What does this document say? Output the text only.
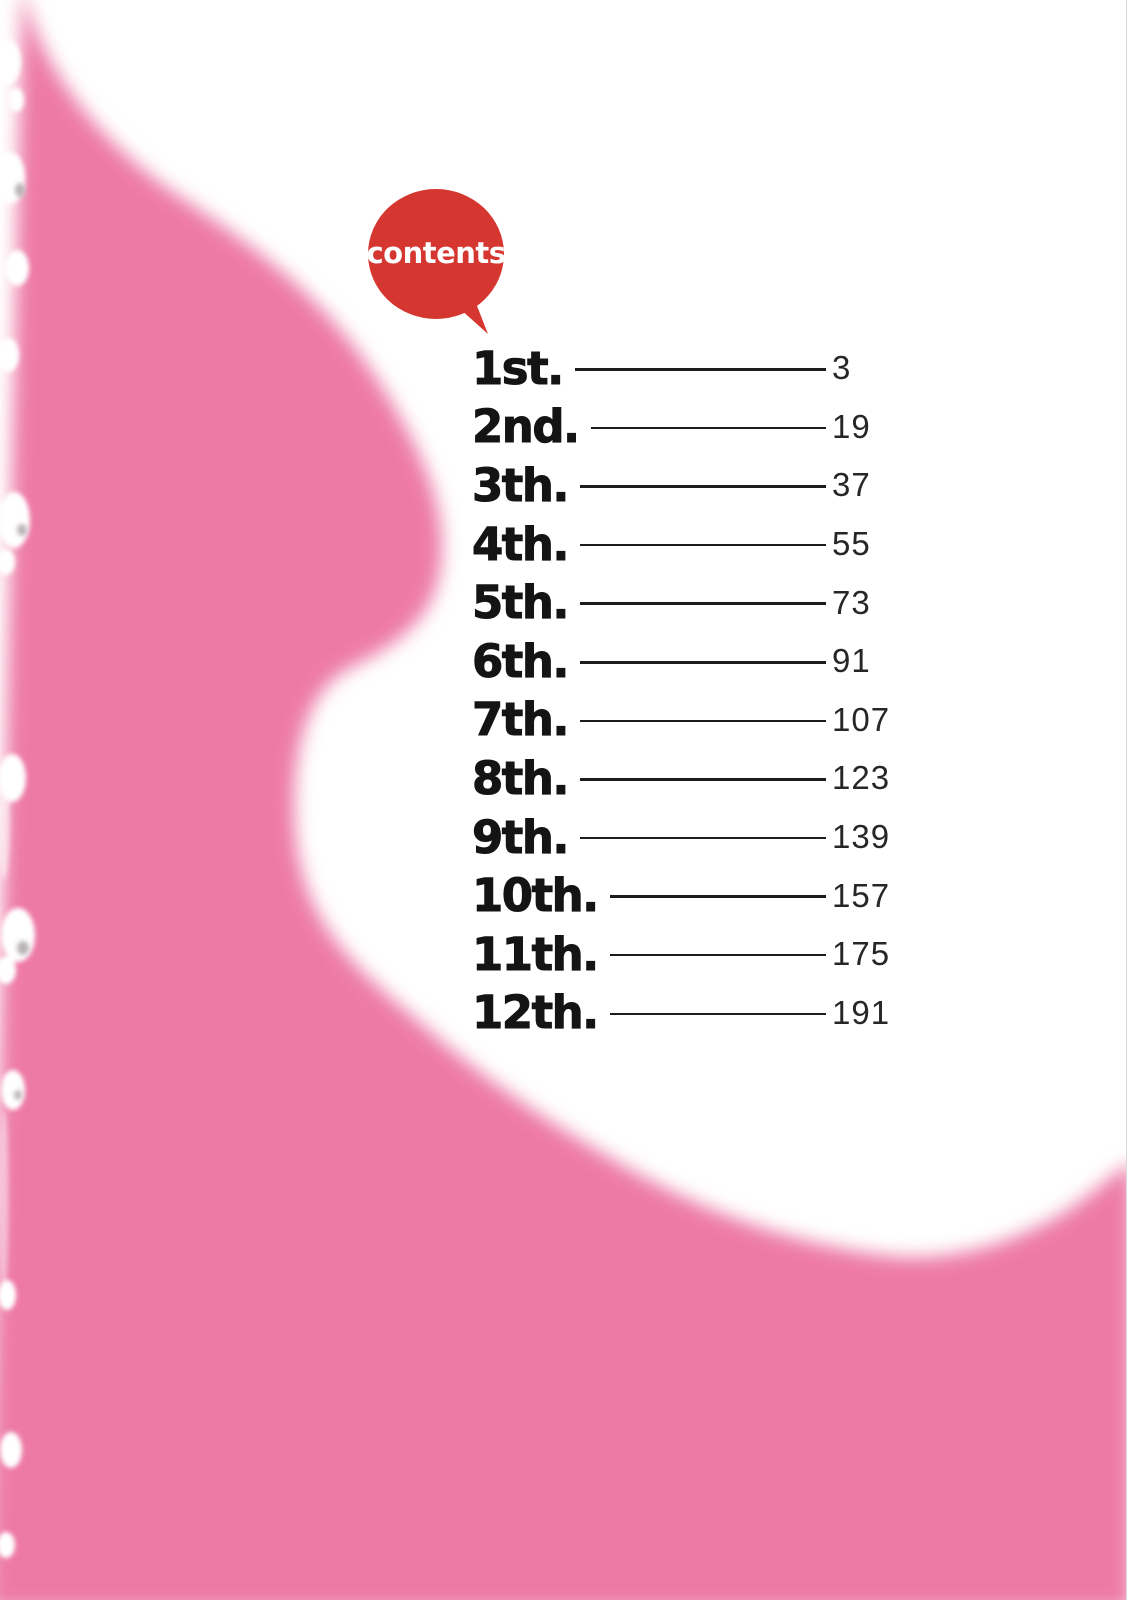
contents
1st.	3
2nd.	19
3th.	37
4th.	55
5th.	73
6th.	91
7th.	107
8th.	123
9th.	139
10th.	157
11th.	175
12th.	191
